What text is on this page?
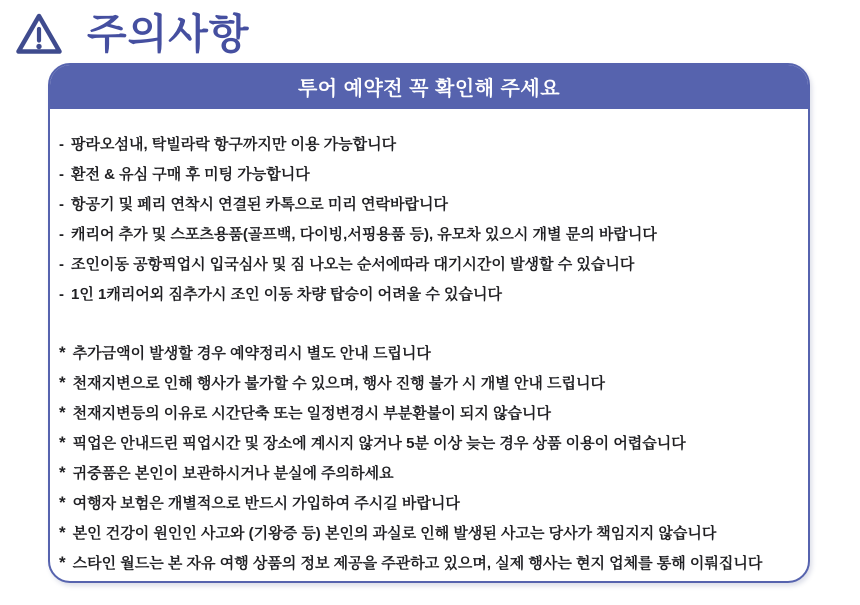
주의사항
투어 예약전 꼭 확인해 주세요
- 팡라오섬내, 탁빌라락 항구까지만 이용 가능합니다
- 환전 & 유심 구매 후 미팅 가능합니다
- 항공기 및 페리 연착시 연결된 카톡으로 미리 연락바랍니다
- 캐리어 추가 및 스포츠용품(골프백, 다이빙,서핑용품 등), 유모차 있으시 개별 문의 바랍니다
- 조인이동 공항픽업시 입국심사 및 짐 나오는 순서에따라 대기시간이 발생할 수 있습니다
- 1인 1캐리어외 짐추가시 조인 이동 차량 탑승이 어려울 수 있습니다
* 추가금액이 발생할 경우 예약정리시 별도 안내 드립니다
* 천재지변으로 인해 행사가 불가할 수 있으며, 행사 진행 불가 시 개별 안내 드립니다
* 천재지변등의 이유로 시간단축 또는 일정변경시 부분환불이 되지 않습니다
* 픽업은 안내드린 픽업시간 및 장소에 계시지 않거나 5분 이상 늦는 경우 상품 이용이 어렵습니다
* 귀중품은 본인이 보관하시거나 분실에 주의하세요
* 여행자 보험은 개별적으로 반드시 가입하여 주시길 바랍니다
* 본인 건강이 원인인 사고와 (기왕증 등) 본인의 과실로 인해 발생된 사고는 당사가 책임지지 않습니다
* 스타인 월드는 본 자유 여행 상품의 정보 제공을 주관하고 있으며, 실제 행사는 현지 업체를 통해 이뤄집니다
